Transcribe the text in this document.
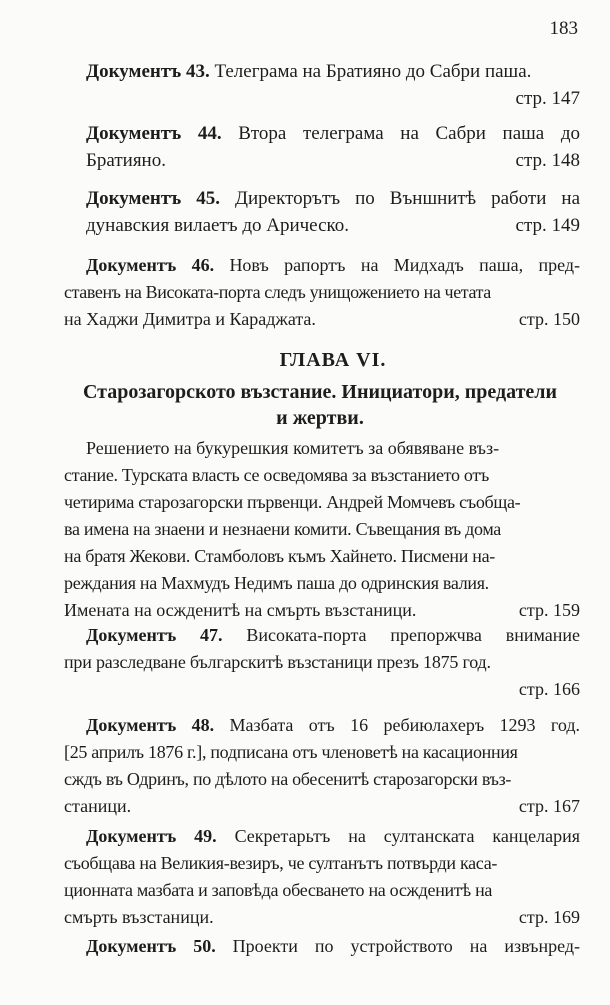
183
Документъ 43. Телеграма на Братияно до Сабри паша.
стр. 147
Документъ 44. Втора телеграма на Сабри паша до
Братияно.	стр. 148
Документъ 45. Директорътъ по Външнитѣ работи на
дунавския вилаетъ до Арическо.	стр. 149
Документъ 46. Новъ рапортъ на Мидхадъ паша, пред-
ставенъ на Високата-порта следъ унищожението на четата
на Хаджи Димитра и Караджата.	стр. 150
ГЛАВА VI.
Старозагорското възстание. Инициатори, предатели
и жертви.
Решението на букурешкия комитетъ за обявяване въз-
стание. Турската власть се осведомява за възстанието отъ
четирима старозагорски първенци. Андрей Момчевъ съобща-
ва имена на знаени и незнаени комити. Съвещания въ дома
на братя Жекови. Стамболовъ къмъ Хайнето. Писмени на-
реждания на Махмудъ Недимъ паша до одринския валия.
Имената на осжденитѣ на смърть възстаници.	стр. 159
Документъ 47. Високата-порта препоржчва внимание
при разследване българскитѣ възстаници презъ 1875 год.
стр. 166
Документъ 48. Мазбата отъ 16 ребиюлахеръ 1293 год.
[25 априлъ 1876 г.], подписана отъ членоветѣ на касационния
сждъ въ Одринъ, по дѣлото на обесенитѣ старозагорски въз-
станици.	стр. 167
Документъ 49. Секретарьтъ на султанската канцелария
съобщава на Великия-везиръ, че султанътъ потвърди каса-
ционната мазбата и заповѣда обесването на осжденитѣ на
смърть възстаници.	стр. 169
Документъ 50. Проекти по устройството на извънред-
